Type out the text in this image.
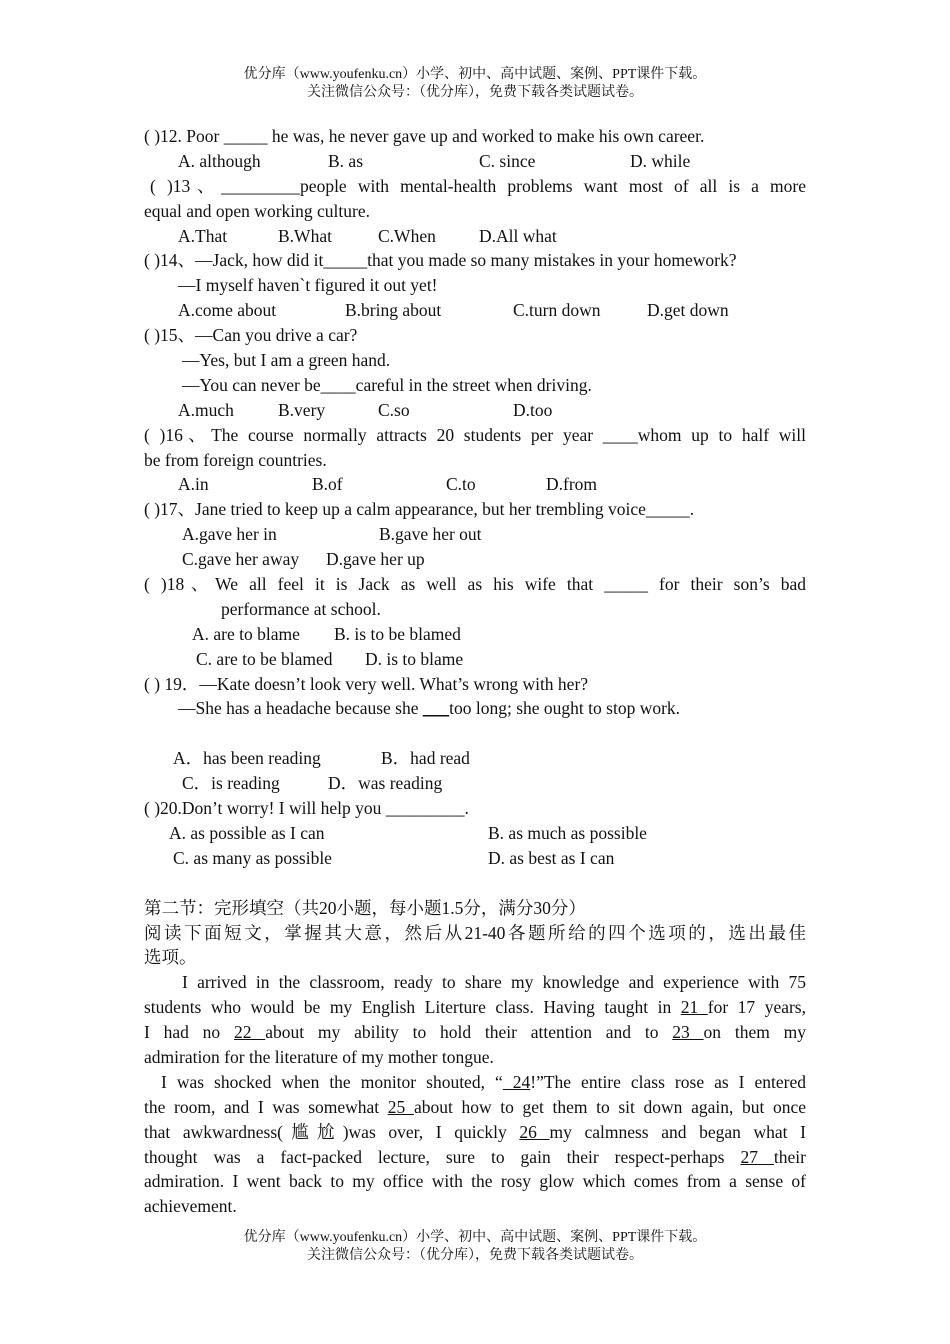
优分库（www.youfenku.cn）小学、初中、高中试题、案例、PPT课件下载。
关注微信公众号：（优分库），免费下载各类试题试卷。
( )12. Poor _____ he was, he never gave up and worked to make his own career.
A. although	B. as	C. since	D. while
( )13、_________people with mental-health problems want most of all is a more
equal and open working culture.
A.That	B.What	C.When D.All what
( )14、—Jack, how did it_____that you made so many mistakes in your homework?
—I myself haven`t figured it out yet!
A.come about	B.bring about	C.turn down	D.get down
( )15、—Can you drive a car?
—Yes, but I am a green hand.
—You can never be____careful in the street when driving.
A.much	B.very	C.so	D.too
( )16、The course normally attracts 20 students per year ____whom up to half will
be from foreign countries.
A.in	B.of	C.to	D.from
( )17、Jane tried to keep up a calm appearance, but her trembling voice_____.
A.gave her in	B.gave her out
C.gave her away D.gave her up
( )18、We all feel it is Jack as well as his wife that _____ for their son’s bad
performance at school.
A. are to blame B. is to be blamed
C. are to be blamed D. is to blame
( ) 19．—Kate doesn’t look very well. What’s wrong with her?
—She has a headache because she ___too long; she ought to stop work.
A．has been reading	B．had read
C．is reading	D．was reading
( )20.Don’t worry! I will help you _________.
A. as possible as I can	B. as much as possible
C. as many as possible	D. as best as I can
第二节：完形填空（共20小题，每小题1.5分，满分30分）
阅读下面短文，掌握其大意，然后从21-40各题所给的四个选项的，选出最佳
选项。
I arrived in the classroom, ready to share my knowledge and experience with 75
students who would be my English Literture class. Having taught in 21 for 17 years,
I had no 22 about my ability to hold their attention and to 23 on them my
admiration for the literature of my mother tongue.
I was shocked when the monitor shouted, “ 24!”The entire class rose as I entered
the room, and I was somewhat 25 about how to get them to sit down again, but once
that awkwardness(尴尬)was over, I quickly 26 my calmness and began what I
thought was a fact-packed lecture, sure to gain their respect-perhaps 27 their
admiration. I went back to my office with the rosy glow which comes from a sense of
achievement.
优分库（www.youfenku.cn）小学、初中、高中试题、案例、PPT课件下载。
关注微信公众号：（优分库），免费下载各类试题试卷。
